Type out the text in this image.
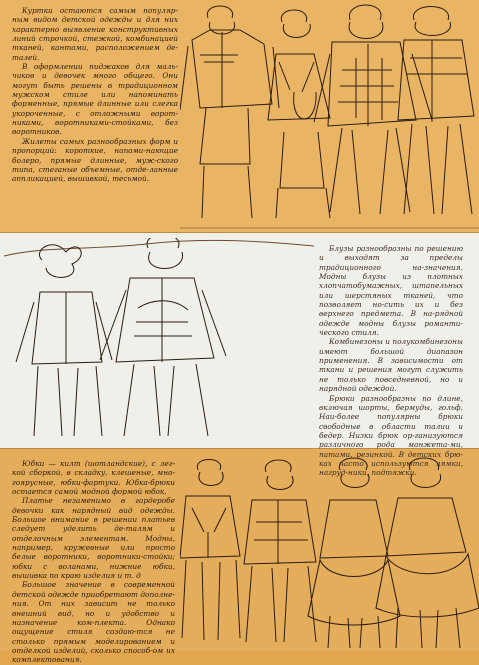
Куртки остаются самым популяр-ным видом детской одежды и для них характерно выявление конструктивных линий строчкой, стежкой, комбинацией тканей, кантами, расположением де-талей.

В оформлении пиджаков для маль-чиков и девочек много общего. Они могут быть решены в традиционном мужском стиле или напоминать форменные, прямые длинные или слегка укороченные, с отложными ворот-никами, воротниками-стойками, без воротников.

Жилеты самых разнообразных форм и пропорций: короткие, напоми-нающие болеро, прямые длинные, муж-ского типа, стеганые объемные, отде-ланные аппликацией, вышивкой, тесьмой.

Блузы разнообразны по решению и выходят за пределы традиционного на-значения. Модны блузы из плотных хлопчатобумажных, штапельных или шерстяных тканей, что позволяет но-сить их и без верхнего предмета. В на-рядной одежде модны блузы романти-ческого стиля.

Комбинезоны и полукомбинезоны имеют большой диапазон применения. В зависимости от ткани и решения могут служить не только повседневной, но и нарядной одеждой.

Брюки разнообразны по длине, включая шорты, бермуды, гольф. Наи-более популярны брюки свободные в области талии и бедер. Низки брюк ор-ганизуются различного рода манжета-ми, патами, резинкой. В детских брю-ках часто используются лямки, нагруд-ники, подтяжки.

Юбки — килт (шотландские), с лег-кой сборкой, в складку, клешеные, мно-гоярусные, юбки-фартуки. Юбка-брюки остается самой модной формой юбок.

Платье незаменимо в гардеробе девочки как нарядный вид одежды. Большое внимание в решении платьев следует уделить де-талям и отделочным элементам. Модны, например, кружевные или просто белые воротники, воротники-стойки; юбки с воланами, нижние юбки, вышивка по краю изделия и т. д

Большое значение в современной детской одежде приобретают дополне-ния. От них зависит не только внешний вид, но и удобство и назначение ком-плекта. Однако ощущение стиля создаю-тся не столько прямым моделированием и отделкой изделий, сколько способ-ом их комплектования.
